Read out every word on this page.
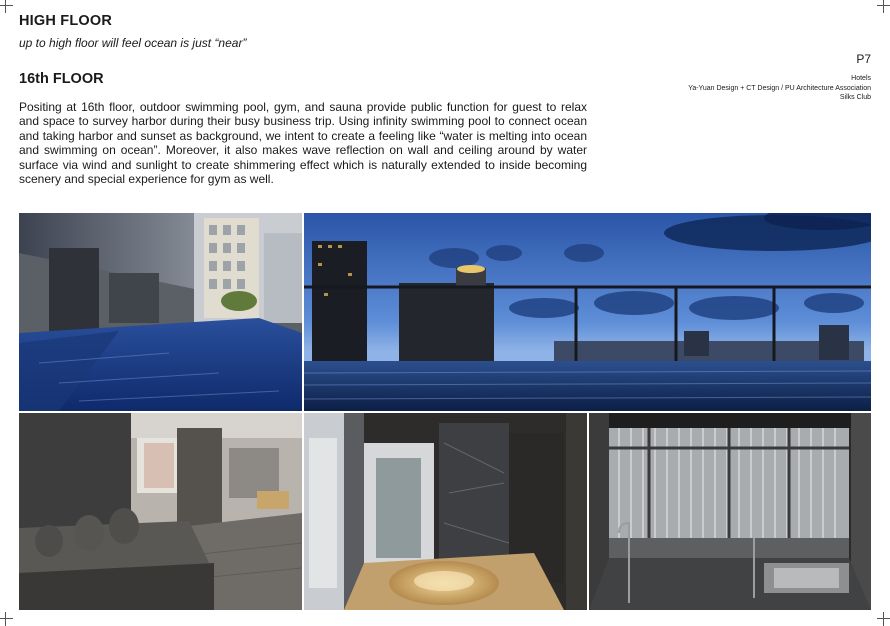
HIGH FLOOR
up to high floor will feel ocean is just “near”
16th FLOOR

Positing at 16th floor, outdoor swimming pool, gym, and sauna provide public function for guest to relax and space to survey harbor during their busy business trip. Using infinity swimming pool to connect ocean and taking harbor and sunset as background, we intent to create a feeling like “water is melting into ocean and swimming on ocean”. Moreover, it also makes wave reflection on wall and ceiling around by water surface via wind and sunlight to create shimmering effect which is naturally extended to inside becoming scenery and special experience for gym as well.

P7
Hotels
Ya-Yuan Design + CT Design / PU Architecture Association
Silks Club
